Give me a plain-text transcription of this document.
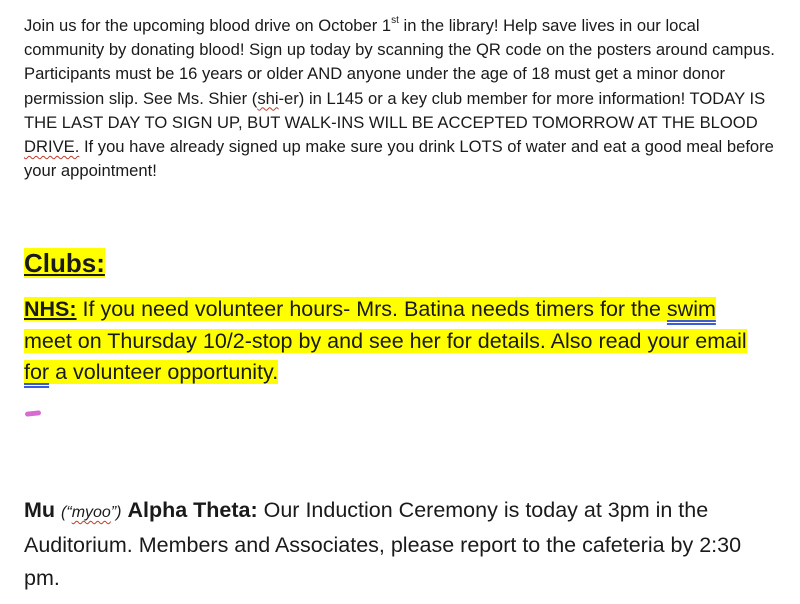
Join us for the upcoming blood drive on October 1st in the library! Help save lives in our local community by donating blood! Sign up today by scanning the QR code on the posters around campus. Participants must be 16 years or older AND anyone under the age of 18 must get a minor donor permission slip. See Ms. Shier (shi-er) in L145 or a key club member for more information! TODAY IS THE LAST DAY TO SIGN UP, BUT WALK-INS WILL BE ACCEPTED TOMORROW AT THE BLOOD DRIVE. If you have already signed up make sure you drink LOTS of water and eat a good meal before your appointment!

Clubs:

NHS: If you need volunteer hours- Mrs. Batina needs timers for the swim meet on Thursday 10/2-stop by and see her for details. Also read your email for a volunteer opportunity.

Mu (“myoo”) Alpha Theta: Our Induction Ceremony is today at 3pm in the Auditorium. Members and Associates, please report to the cafeteria by 2:30 pm.
